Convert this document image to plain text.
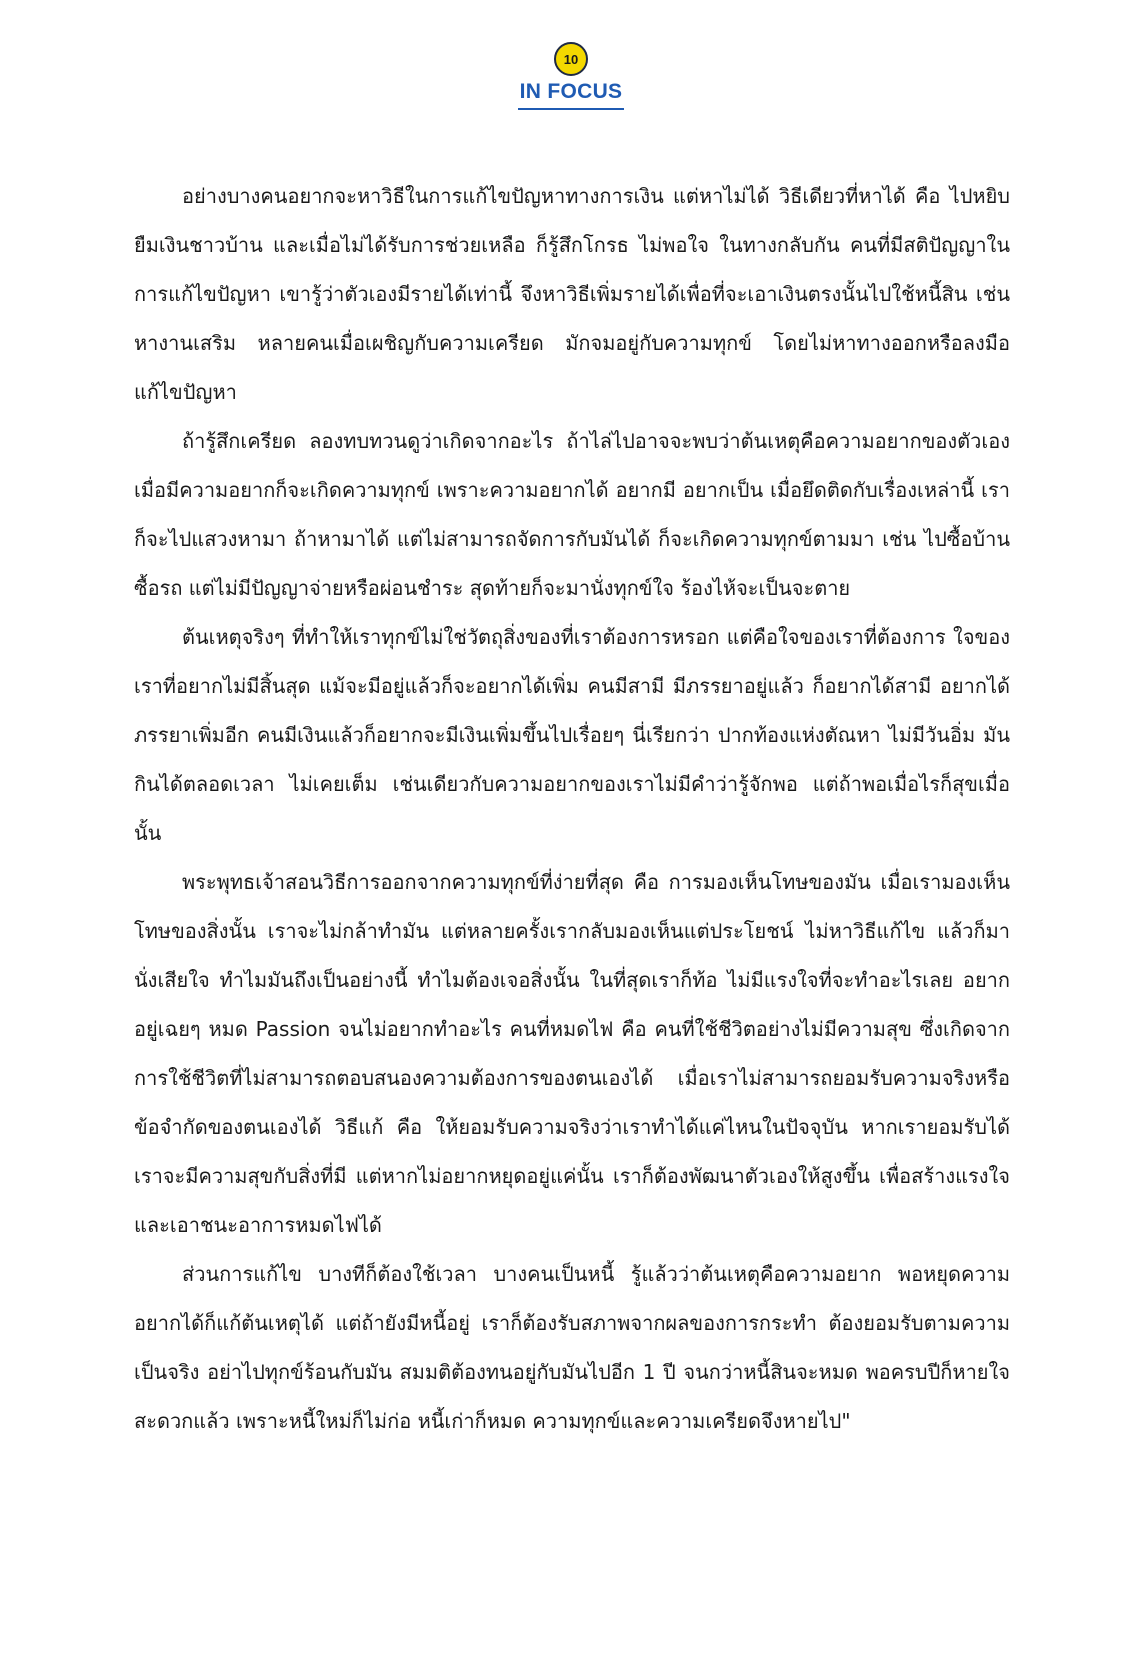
10
IN FOCUS

อย่างบางคนอยากจะหาวิธีในการแก้ไขปัญหาทางการเงิน แต่หาไม่ได้ วิธีเดียวที่หาได้ คือ ไปหยิบยืมเงินชาวบ้าน และเมื่อไม่ได้รับการช่วยเหลือ ก็รู้สึกโกรธ ไม่พอใจ ในทางกลับกัน คนที่มีสติปัญญาในการแก้ไขปัญหา เขารู้ว่าตัวเองมีรายได้เท่านี้ จึงหาวิธีเพิ่มรายได้เพื่อที่จะเอาเงินตรงนั้นไปใช้หนี้สิน เช่น หางานเสริม หลายคนเมื่อเผชิญกับความเครียด มักจมอยู่กับความทุกข์ โดยไม่หาทางออกหรือลงมือแก้ไขปัญหา

ถ้ารู้สึกเครียด ลองทบทวนดูว่าเกิดจากอะไร ถ้าไล่ไปอาจจะพบว่าต้นเหตุคือความอยากของตัวเอง เมื่อมีความอยากก็จะเกิดความทุกข์ เพราะความอยากได้ อยากมี อยากเป็น เมื่อยึดติดกับเรื่องเหล่านี้ เราก็จะไปแสวงหามา ถ้าหามาได้ แต่ไม่สามารถจัดการกับมันได้ ก็จะเกิดความทุกข์ตามมา เช่น ไปซื้อบ้าน ซื้อรถ แต่ไม่มีปัญญาจ่ายหรือผ่อนชำระ สุดท้ายก็จะมานั่งทุกข์ใจ ร้องไห้จะเป็นจะตาย

ต้นเหตุจริงๆ ที่ทำให้เราทุกข์ไม่ใช่วัตถุสิ่งของที่เราต้องการหรอก แต่คือใจของเราที่ต้องการ ใจของเราที่อยากไม่มีสิ้นสุด แม้จะมีอยู่แล้วก็จะอยากได้เพิ่ม คนมีสามี มีภรรยาอยู่แล้ว ก็อยากได้สามี อยากได้ภรรยาเพิ่มอีก คนมีเงินแล้วก็อยากจะมีเงินเพิ่มขึ้นไปเรื่อยๆ นี่เรียกว่า ปากท้องแห่งตัณหา ไม่มีวันอิ่ม มันกินได้ตลอดเวลา ไม่เคยเต็ม เช่นเดียวกับความอยากของเราไม่มีคำว่ารู้จักพอ แต่ถ้าพอเมื่อไรก็สุขเมื่อนั้น

พระพุทธเจ้าสอนวิธีการออกจากความทุกข์ที่ง่ายที่สุด คือ การมองเห็นโทษของมัน เมื่อเรามองเห็นโทษของสิ่งนั้น เราจะไม่กล้าทำมัน แต่หลายครั้งเรากลับมองเห็นแต่ประโยชน์ ไม่หาวิธีแก้ไข แล้วก็มานั่งเสียใจ ทำไมมันถึงเป็นอย่างนี้ ทำไมต้องเจอสิ่งนั้น ในที่สุดเราก็ท้อ ไม่มีแรงใจที่จะทำอะไรเลย อยากอยู่เฉยๆ หมด Passion จนไม่อยากทำอะไร คนที่หมดไฟ คือ คนที่ใช้ชีวิตอย่างไม่มีความสุข ซึ่งเกิดจากการใช้ชีวิตที่ไม่สามารถตอบสนองความต้องการของตนเองได้ เมื่อเราไม่สามารถยอมรับความจริงหรือข้อจำกัดของตนเองได้ วิธีแก้ คือ ให้ยอมรับความจริงว่าเราทำได้แค่ไหนในปัจจุบัน หากเรายอมรับได้ เราจะมีความสุขกับสิ่งที่มี แต่หากไม่อยากหยุดอยู่แค่นั้น เราก็ต้องพัฒนาตัวเองให้สูงขึ้น เพื่อสร้างแรงใจและเอาชนะอาการหมดไฟได้

ส่วนการแก้ไข บางทีก็ต้องใช้เวลา บางคนเป็นหนี้ รู้แล้วว่าต้นเหตุคือความอยาก พอหยุดความอยากได้ก็แก้ต้นเหตุได้ แต่ถ้ายังมีหนี้อยู่ เราก็ต้องรับสภาพจากผลของการกระทำ ต้องยอมรับตามความเป็นจริง อย่าไปทุกข์ร้อนกับมัน สมมติต้องทนอยู่กับมันไปอีก 1 ปี จนกว่าหนี้สินจะหมด พอครบปีก็หายใจสะดวกแล้ว เพราะหนี้ใหม่ก็ไม่ก่อ หนี้เก่าก็หมด ความทุกข์และความเครียดจึงหายไป"
